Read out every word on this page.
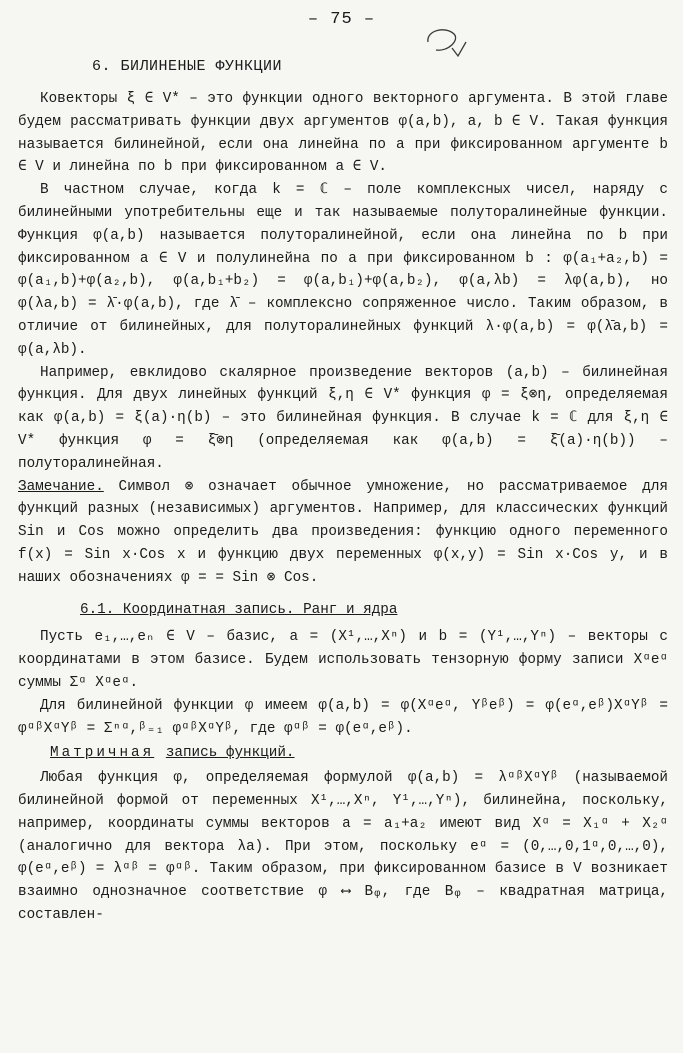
– 75 –
6. БИЛИНЕНЫЕ ФУНКЦИИ

Ковекторы ξ ∈ V* – это функции одного векторного аргумента. В этой главе будем рассматривать функции двух аргументов φ(a,b), a, b ∈ V. Такая функция называется билинейной, если она линейна по a при фиксированном аргументе b ∈ V и линейна по b при фиксированном a ∈ V.

В частном случае, когда k = ℂ – поле комплексных чисел, наряду с билинейными употребительны еще и так называемые полуторалинейные функции. Функция φ(a,b) называется полуторалинейной, если она линейна по b при фиксированном a ∈ V и полулинейна по a при фиксированном b : φ(a₁+a₂,b) = φ(a₁,b)+φ(a₂,b), φ(a,b₁+b₂) = φ(a,b₁)+φ(a,b₂), φ(a,λb) = λφ(a,b), но φ(λa,b) = λ̄·φ(a,b), где λ̄ – комплексно сопряженное число. Таким образом, в отличие от билинейных, для полуторалинейных функций λ·φ(a,b) = φ(λ̄a,b) = φ(a,λb).

Например, евклидово скалярное произведение векторов (a,b) – билинейная функция. Для двух линейных функций ξ,η ∈ V* функция φ = ξ⊗η, определяемая как φ(a,b) = ξ(a)·η(b) – это билинейная функция. В случае k = ℂ для ξ,η ∈ V* функция φ = ξ̄⊗η (определяемая как φ(a,b) = ξ̄(a)·η(b)) – полуторалинейная.

Замечание. Символ ⊗ означает обычное умножение, но рассматриваемое для функций разных (независимых) аргументов. Например, для классических функций Sin и Cos можно определить два произведения: функцию одного переменного f(x) = Sin x·Cos x и функцию двух переменных φ(x,y) = Sin x·Cos y, и в наших обозначениях φ = = Sin ⊗ Cos.

6.1. Координатная запись. Ранг и ядра

Пусть e₁,…,eₙ ∈ V – базис, a = (X¹,…,Xⁿ) и b = (Y¹,…,Yⁿ) – векторы с координатами в этом базисе. Будем использовать тензорную форму записи Xᵅeᵅ суммы Σᵅ Xᵅeᵅ.

Для билинейной функции φ имеем φ(a,b) = φ(Xᵅeᵅ, Yᵝeᵝ) = φ(eᵅ,eᵝ)XᵅYᵝ = φᵅᵝXᵅYᵝ = Σⁿᵅ,ᵝ₌₁ φᵅᵝXᵅYᵝ, где φᵅᵝ = φ(eᵅ,eᵝ).

Матричная запись функций.

Любая функция φ, определяемая формулой φ(a,b) = λᵅᵝXᵅYᵝ (называемой билинейной формой от переменных X¹,…,Xⁿ, Y¹,…,Yⁿ), билинейна, поскольку, например, координаты суммы векторов a = a₁+a₂ имеют вид Xᵅ = X₁ᵅ + X₂ᵅ (аналогично для вектора λa). При этом, поскольку eᵅ = (0,…,0,1ᵅ,0,…,0), φ(eᵅ,eᵝ) = λᵅᵝ = φᵅᵝ. Таким образом, при фиксированном базисе в V возникает взаимно однозначное соответствие φ ⟷ Bᵩ, где Bᵩ – квадратная матрица, составлен-
